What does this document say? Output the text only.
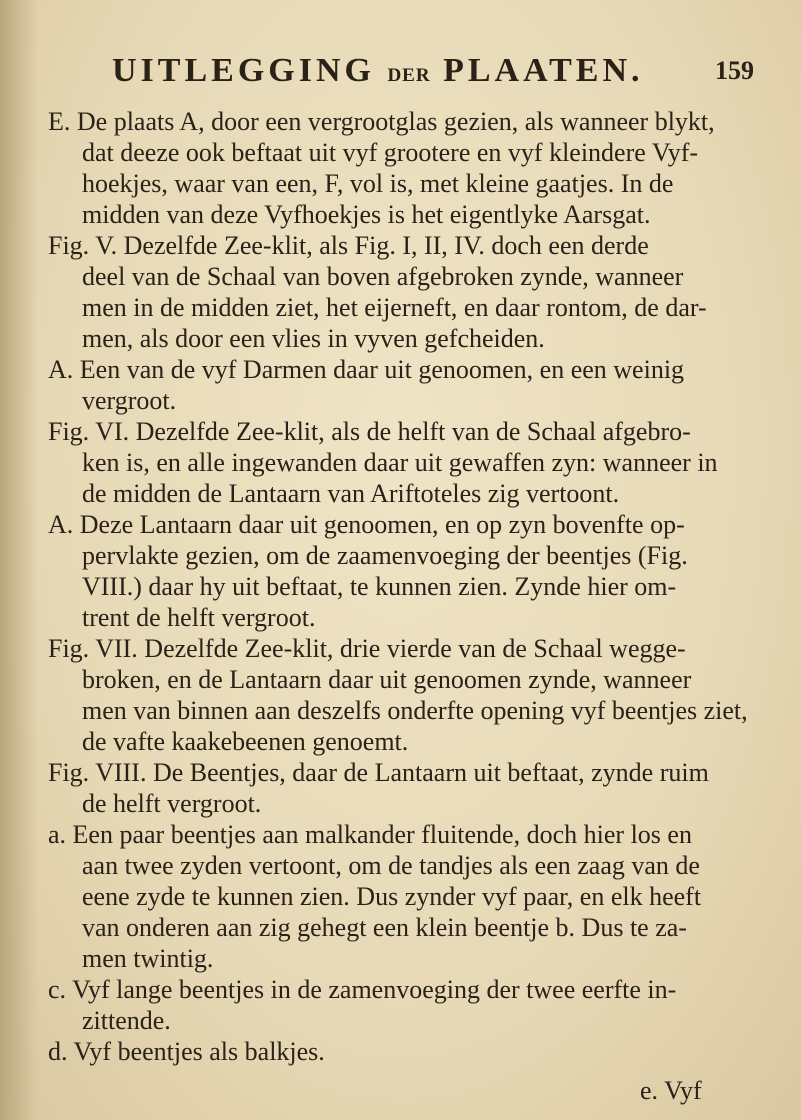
UITLEGGING DER PLAATEN.	159
E. De plaats A, door een vergrootglas gezien, als wanneer blykt,
dat deeze ook beftaat uit vyf grootere en vyf kleindere Vyf-
hoekjes, waar van een, F, vol is, met kleine gaatjes. In de
midden van deze Vyfhoekjes is het eigentlyke Aarsgat.
Fig. V. Dezelfde Zee-klit, als Fig. I, II, IV. doch een derde
deel van de Schaal van boven afgebroken zynde, wanneer
men in de midden ziet, het eijerneft, en daar rontom, de dar-
men, als door een vlies in vyven gefcheiden.
A. Een van de vyf Darmen daar uit genoomen, en een weinig
vergroot.
Fig. VI. Dezelfde Zee-klit, als de helft van de Schaal afgebro-
ken is, en alle ingewanden daar uit gewaffen zyn: wanneer in
de midden de Lantaarn van Ariftoteles zig vertoont.
A. Deze Lantaarn daar uit genoomen, en op zyn bovenfte op-
pervlakte gezien, om de zaamenvoeging der beentjes (Fig.
VIII.) daar hy uit beftaat, te kunnen zien. Zynde hier om-
trent de helft vergroot.
Fig. VII. Dezelfde Zee-klit, drie vierde van de Schaal wegge-
broken, en de Lantaarn daar uit genoomen zynde, wanneer
men van binnen aan deszelfs onderfte opening vyf beentjes ziet,
de vafte kaakebeenen genoemt.
Fig. VIII. De Beentjes, daar de Lantaarn uit beftaat, zynde ruim
de helft vergroot.
a. Een paar beentjes aan malkander fluitende, doch hier los en
aan twee zyden vertoont, om de tandjes als een zaag van de
eene zyde te kunnen zien. Dus zynder vyf paar, en elk heeft
van onderen aan zig gehegt een klein beentje b. Dus te za-
men twintig.
c. Vyf lange beentjes in de zamenvoeging der twee eerfte in-
zittende.
d. Vyf beentjes als balkjes.
e. Vyf
